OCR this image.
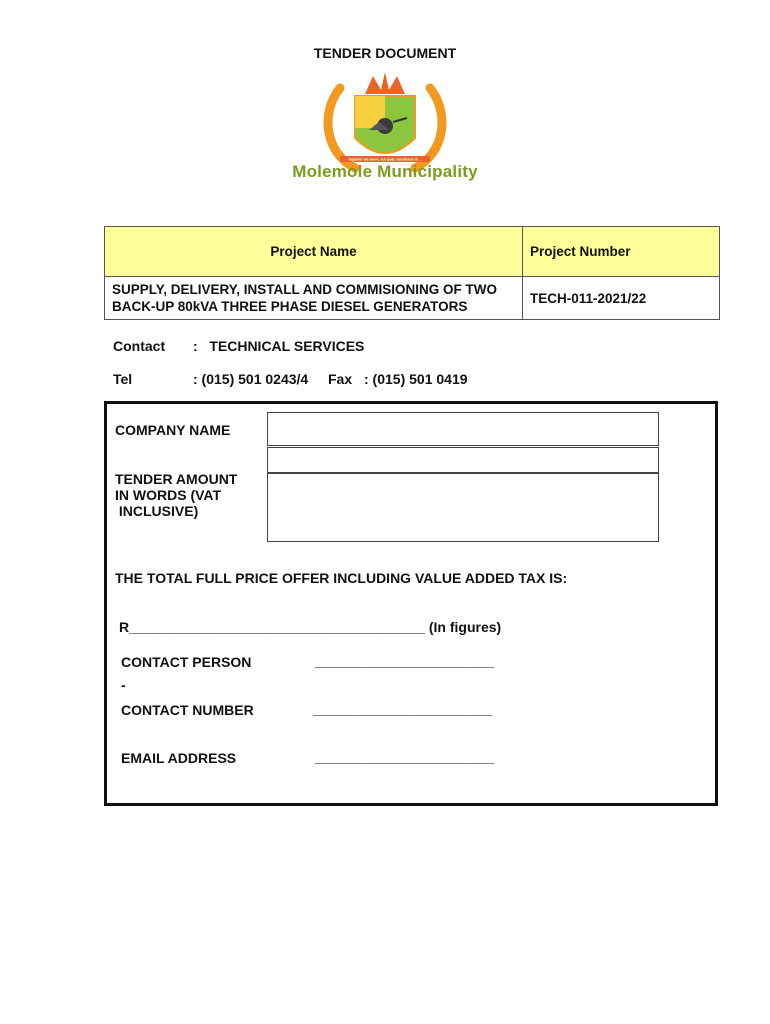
TENDER DOCUMENT
Together we serve, our goal, excellence in ...
Molemole Municipality
Project Name	Project Number

SUPPLY, DELIVERY, INSTALL AND COMMISIONING OF TWO
BACK-UP 80kVA THREE PHASE DIESEL GENERATORS	TECH-011-2021/22
Contact :   TECHNICAL SERVICES
Tel	: (015) 501 0243/4 Fax : (015) 501 0419
COMPANY NAME
TENDER AMOUNT
IN WORDS (VAT
INCLUSIVE)
THE TOTAL FULL PRICE OFFER INCLUDING VALUE ADDED TAX IS:
R______________________________________ (In figures)
CONTACT PERSON	_______________________
-
CONTACT NUMBER	_______________________
EMAIL ADDRESS	_______________________
